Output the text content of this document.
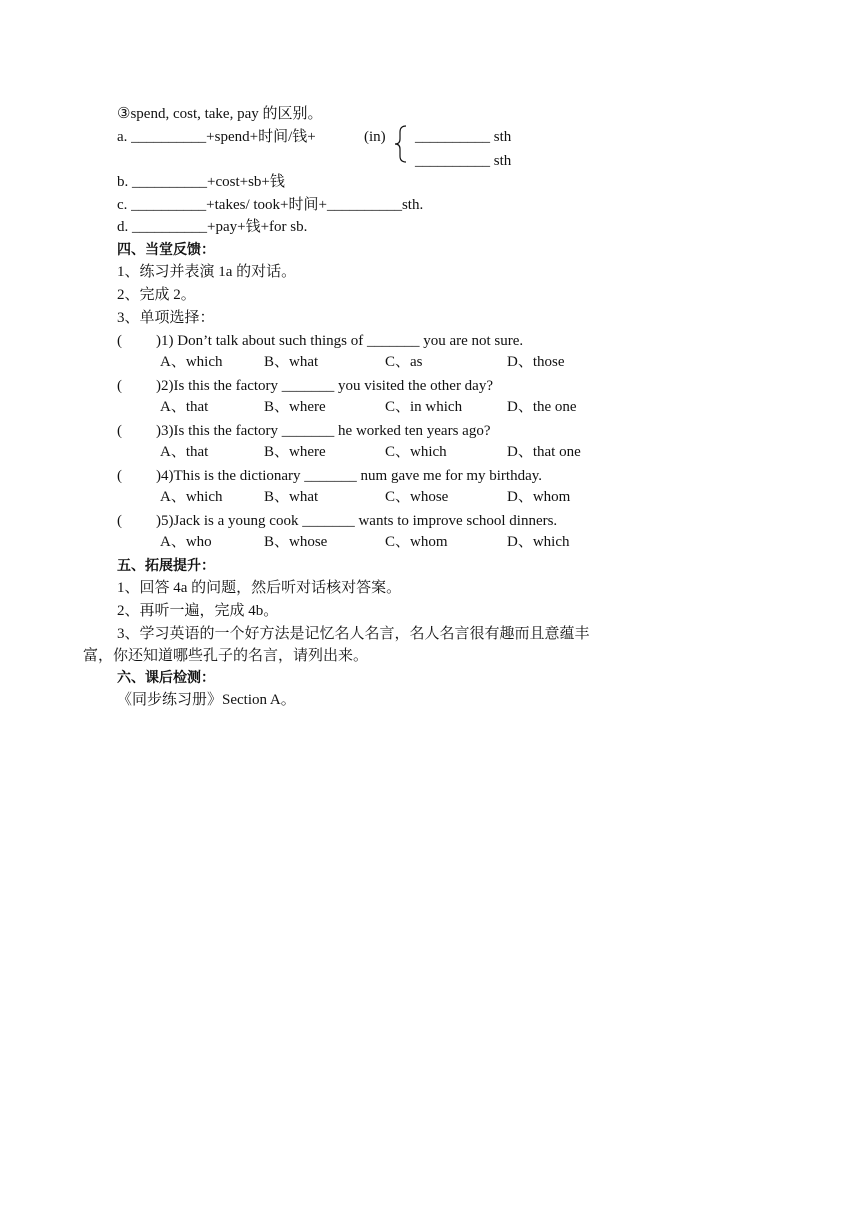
③spend, cost, take, pay 的区别。
a. __________+spend+时间/钱+	(in) __________ sth
__________ sth
b. __________+cost+sb+钱
c. __________+takes/ took+时间+__________sth.
d. __________+pay+钱+for sb.
四、当堂反馈：
1、练习并表演 1a 的对话。
2、完成 2。
3、单项选择：
( )1) Don’t talk about such things of _______ you are not sure.
A、which	B、what	C、as	D、those
( )2)Is this the factory _______ you visited the other day?
A、that	B、where	C、in which	D、the one
( )3)Is this the factory _______ he worked ten years ago?
A、that	B、where	C、which	D、that one
( )4)This is the dictionary _______ num gave me for my birthday.
A、which	B、what	C、whose	D、whom
( )5)Jack is a young cook _______ wants to improve school dinners.
A、who	B、whose	C、whom	D、which
五、拓展提升：
1、回答 4a 的问题，然后听对话核对答案。
2、再听一遍，完成 4b。
3、学习英语的一个好方法是记忆名人名言，名人名言很有趣而且意蕴丰
富，你还知道哪些孔子的名言，请列出来。
六、课后检测：
《同步练习册》Section A。
